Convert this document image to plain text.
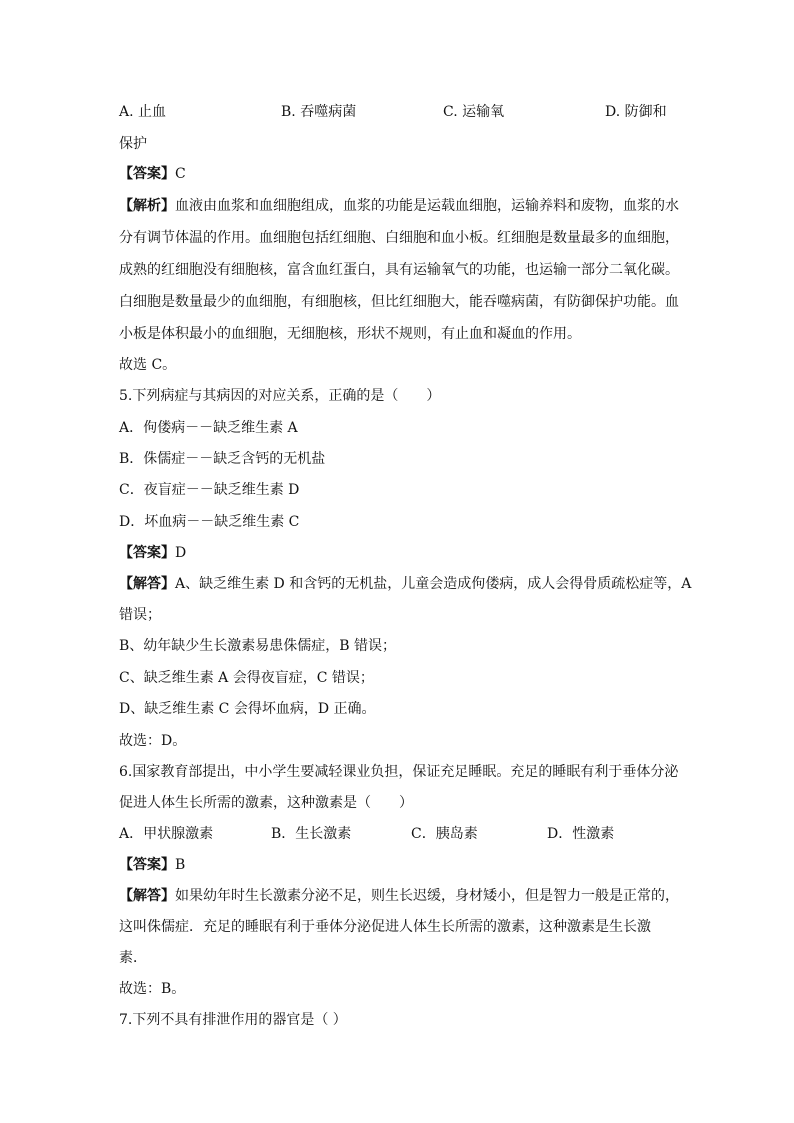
A. 止血	B. 吞噬病菌	C. 运输氧	D. 防御和
保护
【答案】C
【解析】血液由血浆和血细胞组成，血浆的功能是运载血细胞，运输养料和废物，血浆的水
分有调节体温的作用。血细胞包括红细胞、白细胞和血小板。红细胞是数量最多的血细胞，
成熟的红细胞没有细胞核，富含血红蛋白，具有运输氧气的功能，也运输一部分二氧化碳。
白细胞是数量最少的血细胞，有细胞核，但比红细胞大，能吞噬病菌，有防御保护功能。血
小板是体积最小的血细胞，无细胞核，形状不规则，有止血和凝血的作用。
故选 C。
5.下列病症与其病因的对应关系，正确的是（　　）
A．佝偻病－－缺乏维生素 A
B．侏儒症－－缺乏含钙的无机盐
C．夜盲症－－缺乏维生素 D
D．坏血病－－缺乏维生素 C
【答案】D
【解答】A、缺乏维生素 D 和含钙的无机盐，儿童会造成佝偻病，成人会得骨质疏松症等，A
错误；
B、幼年缺少生长激素易患侏儒症，B 错误；
C、缺乏维生素 A 会得夜盲症，C 错误；
D、缺乏维生素 C 会得坏血病，D 正确。
故选：D。
6.国家教育部提出，中小学生要减轻课业负担，保证充足睡眠。充足的睡眠有利于垂体分泌
促进人体生长所需的激素，这种激素是（　　）
A．甲状腺激素	B．生长激素	C．胰岛素	D．性激素
【答案】B
【解答】如果幼年时生长激素分泌不足，则生长迟缓，身材矮小，但是智力一般是正常的，
这叫侏儒症．充足的睡眠有利于垂体分泌促进人体生长所需的激素，这种激素是生长激
素．
故选：B。
7.下列不具有排泄作用的器官是（ ）
